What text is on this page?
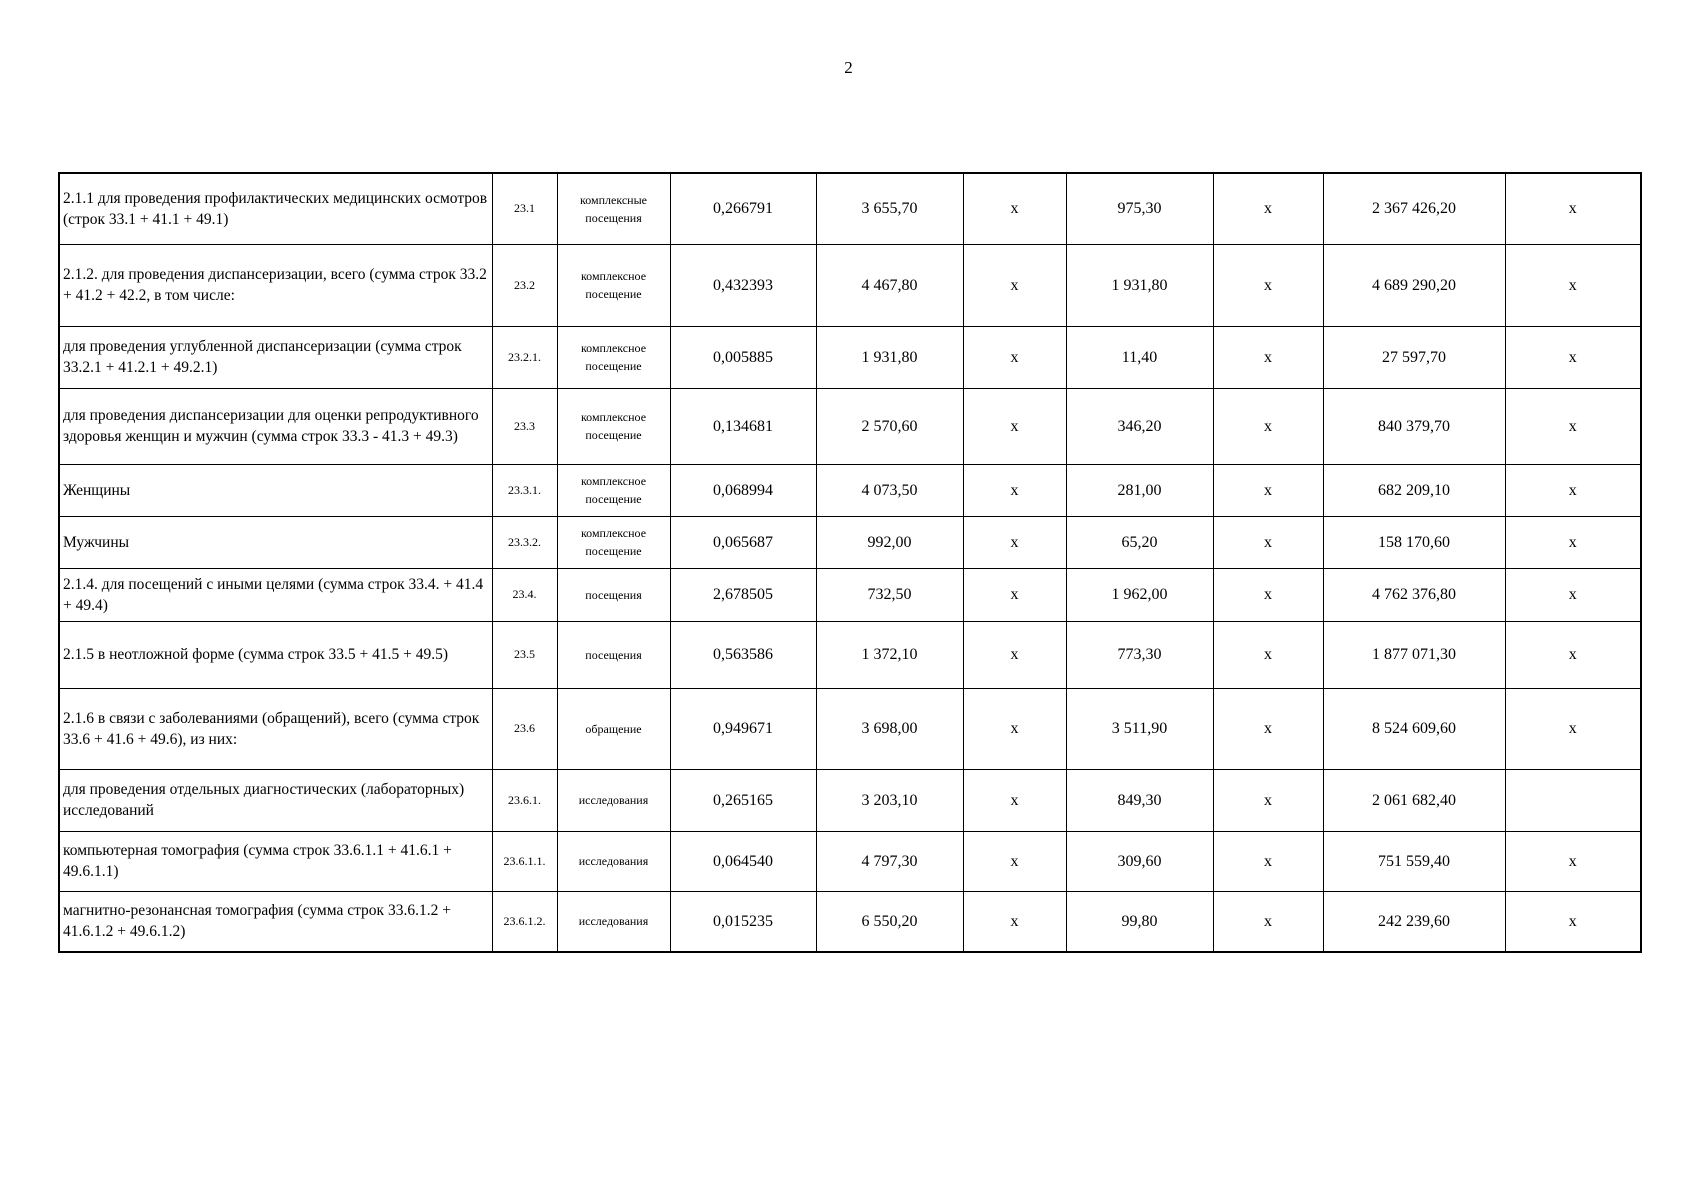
2
2.1.1 для проведения профилактических медицинских осмотров (строк 33.1 + 41.1 + 49.1)	23.1	комплексные посещения	0,266791	3 655,70	х	975,30	х	2 367 426,20	х
2.1.2. для проведения диспансеризации, всего (сумма строк 33.2 + 41.2 + 42.2, в том числе:	23.2	комплексное посещение	0,432393	4 467,80	х	1 931,80	х	4 689 290,20	х
для проведения углубленной диспансеризации (сумма строк 33.2.1 + 41.2.1 + 49.2.1)	23.2.1.	комплексное посещение	0,005885	1 931,80	х	11,40	х	27 597,70	х
для проведения диспансеризации для оценки репродуктивного здоровья женщин и мужчин (сумма строк 33.3 - 41.3 + 49.3)	23.3	комплексное посещение	0,134681	2 570,60	х	346,20	х	840 379,70	х
Женщины	23.3.1.	комплексное посещение	0,068994	4 073,50	х	281,00	х	682 209,10	х
Мужчины	23.3.2.	комплексное посещение	0,065687	992,00	х	65,20	х	158 170,60	х
2.1.4. для посещений с иными целями (сумма строк 33.4. + 41.4 + 49.4)	23.4.	посещения	2,678505	732,50	х	1 962,00	х	4 762 376,80	х
2.1.5 в неотложной форме (сумма строк 33.5 + 41.5 + 49.5)	23.5	посещения	0,563586	1 372,10	х	773,30	х	1 877 071,30	х
2.1.6 в связи с заболеваниями (обращений), всего (сумма строк 33.6 + 41.6 + 49.6), из них:	23.6	обращение	0,949671	3 698,00	х	3 511,90	х	8 524 609,60	х
для проведения отдельных диагностических (лабораторных) исследований	23.6.1.	исследования	0,265165	3 203,10	х	849,30	х	2 061 682,40	
компьютерная томография (сумма строк 33.6.1.1 + 41.6.1 + 49.6.1.1)	23.6.1.1.	исследования	0,064540	4 797,30	х	309,60	х	751 559,40	х
магнитно-резонансная томография (сумма строк 33.6.1.2 + 41.6.1.2 + 49.6.1.2)	23.6.1.2.	исследования	0,015235	6 550,20	х	99,80	х	242 239,60	х
